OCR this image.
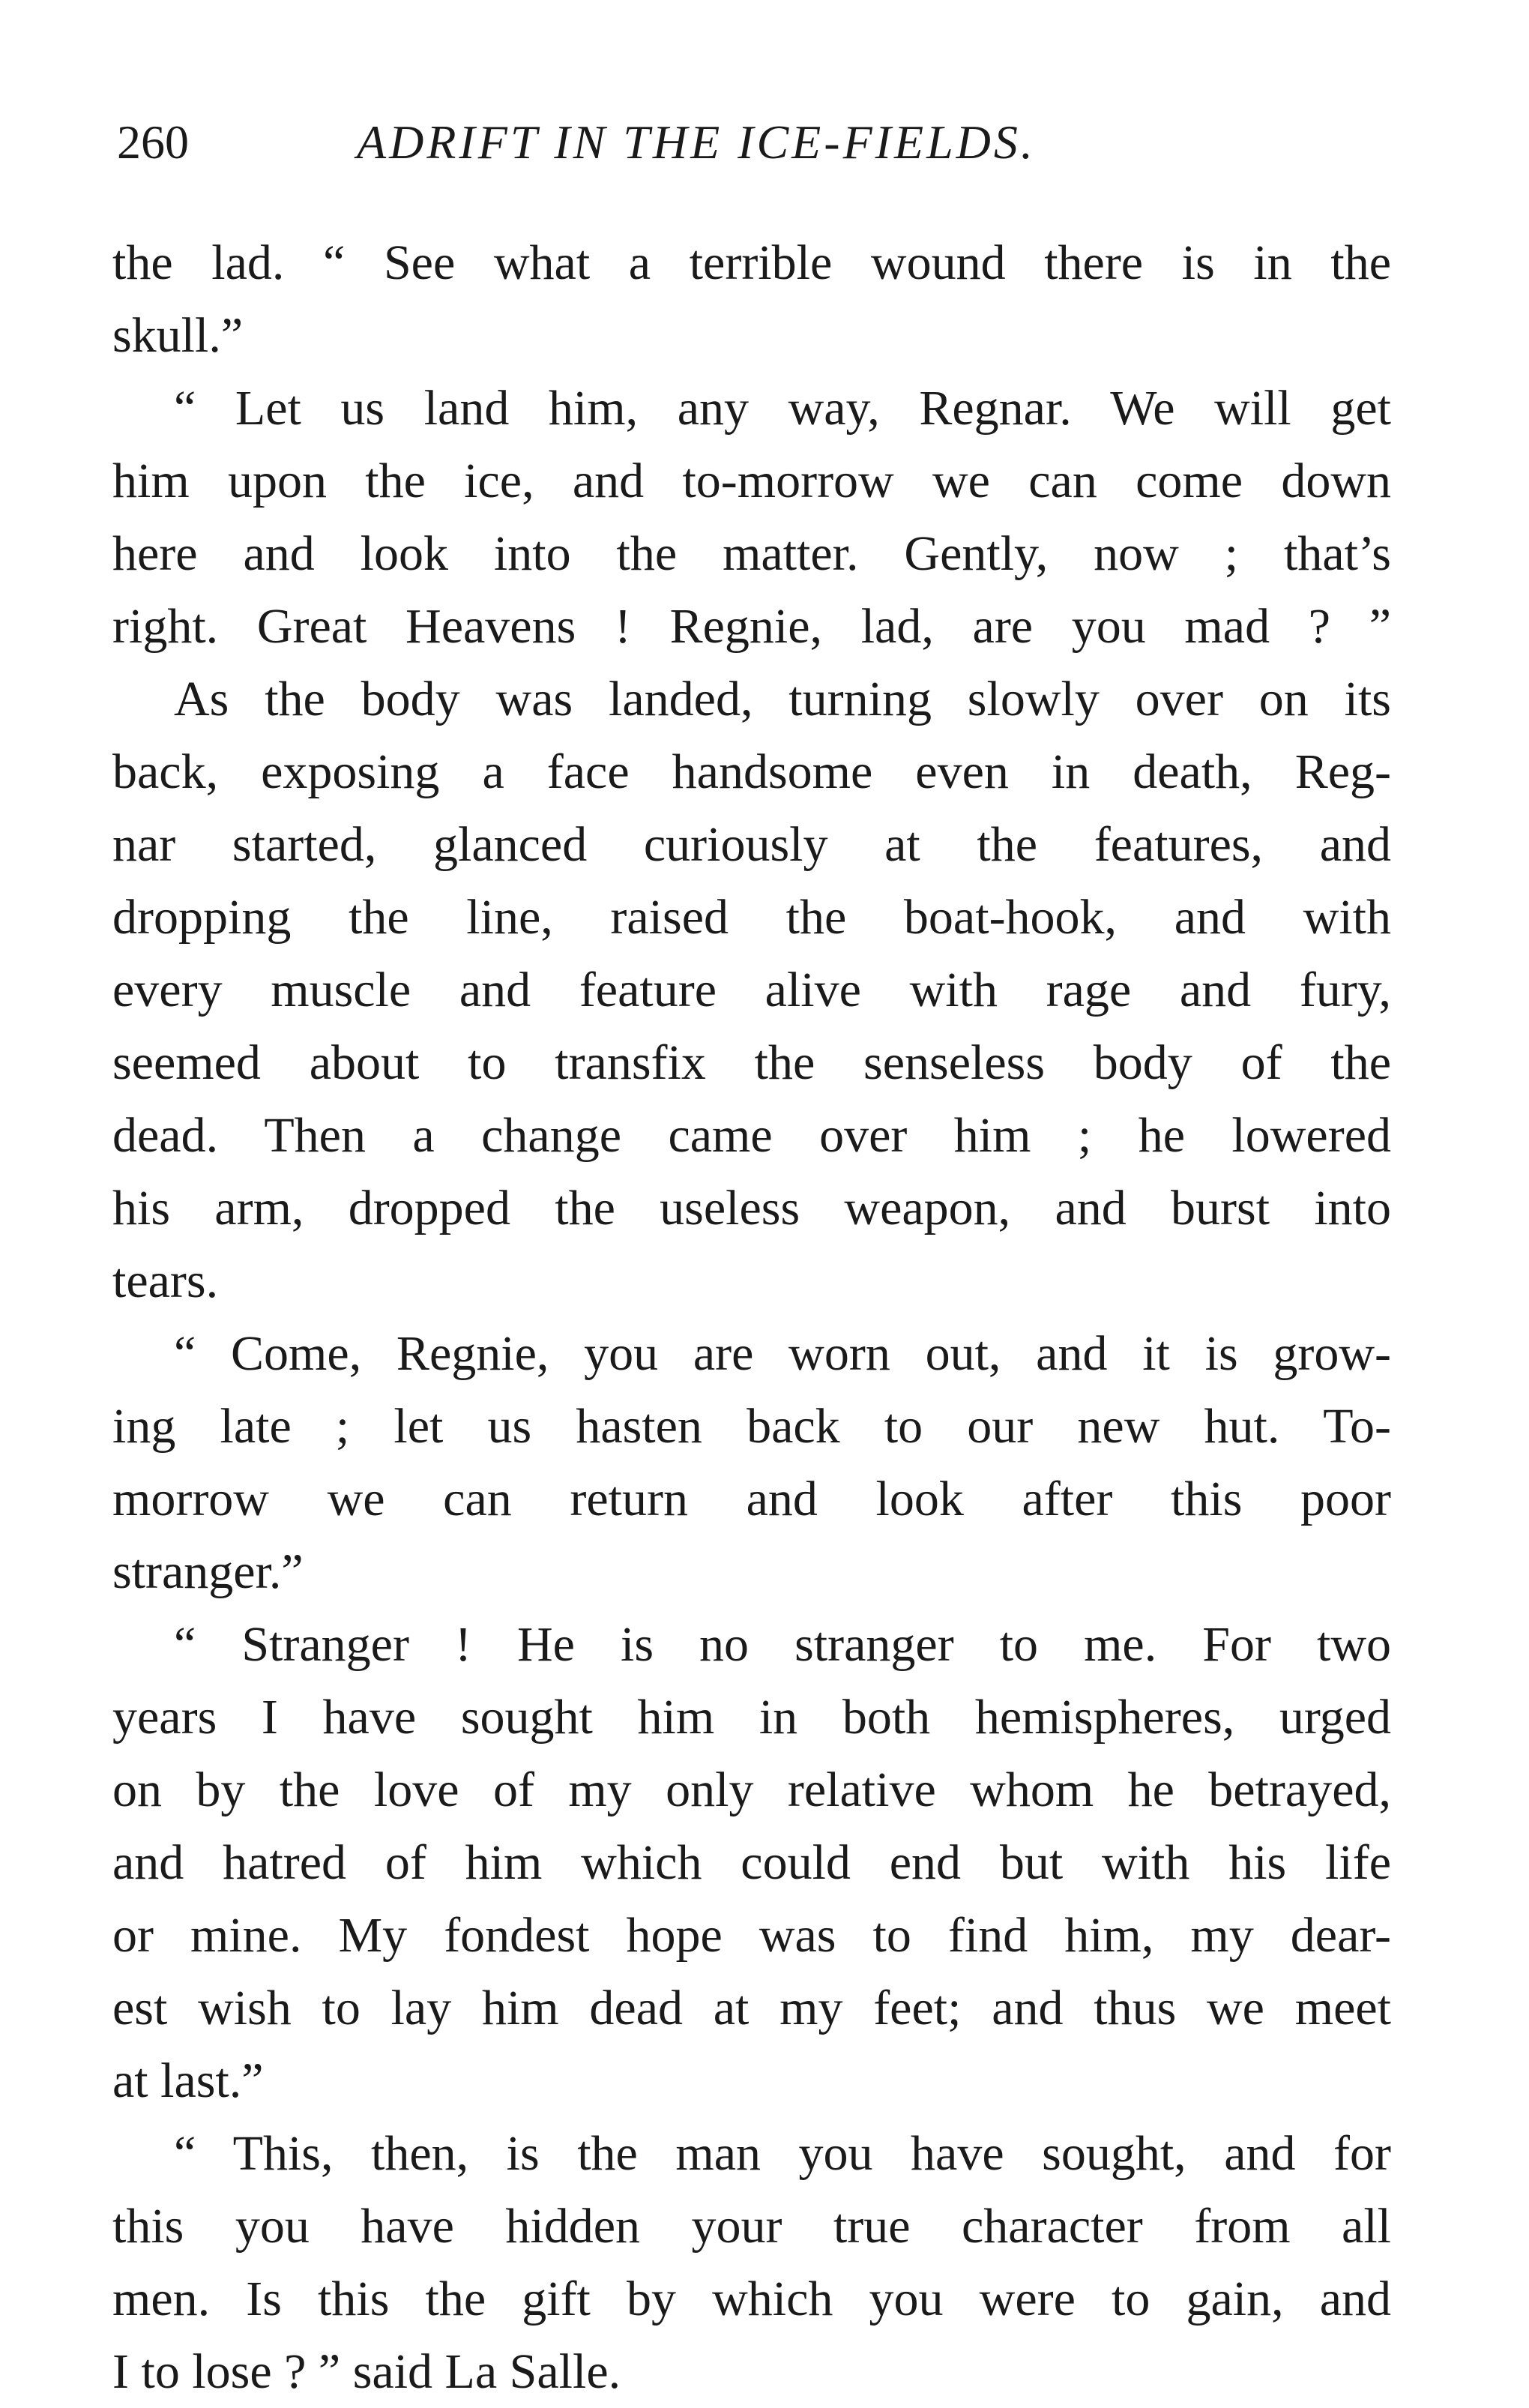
260	ADRIFT IN THE ICE-FIELDS.
the lad. “ See what a terrible wound there is in the
skull.”
“ Let us land him, any way, Regnar. We will get
him upon the ice, and to-morrow we can come down
here and look into the matter. Gently, now ; that’s
right. Great Heavens ! Regnie, lad, are you mad ? ”
As the body was landed, turning slowly over on its
back, exposing a face handsome even in death, Reg-
nar started, glanced curiously at the features, and
dropping the line, raised the boat-hook, and with
every muscle and feature alive with rage and fury,
seemed about to transfix the senseless body of the
dead. Then a change came over him ; he lowered
his arm, dropped the useless weapon, and burst into
tears.
“ Come, Regnie, you are worn out, and it is grow-
ing late ; let us hasten back to our new hut. To-
morrow we can return and look after this poor
stranger.”
“ Stranger ! He is no stranger to me. For two
years I have sought him in both hemispheres, urged
on by the love of my only relative whom he betrayed,
and hatred of him which could end but with his life
or mine. My fondest hope was to find him, my dear-
est wish to lay him dead at my feet; and thus we meet
at last.”
“ This, then, is the man you have sought, and for
this you have hidden your true character from all
men. Is this the gift by which you were to gain, and
I to lose ? ” said La Salle.
